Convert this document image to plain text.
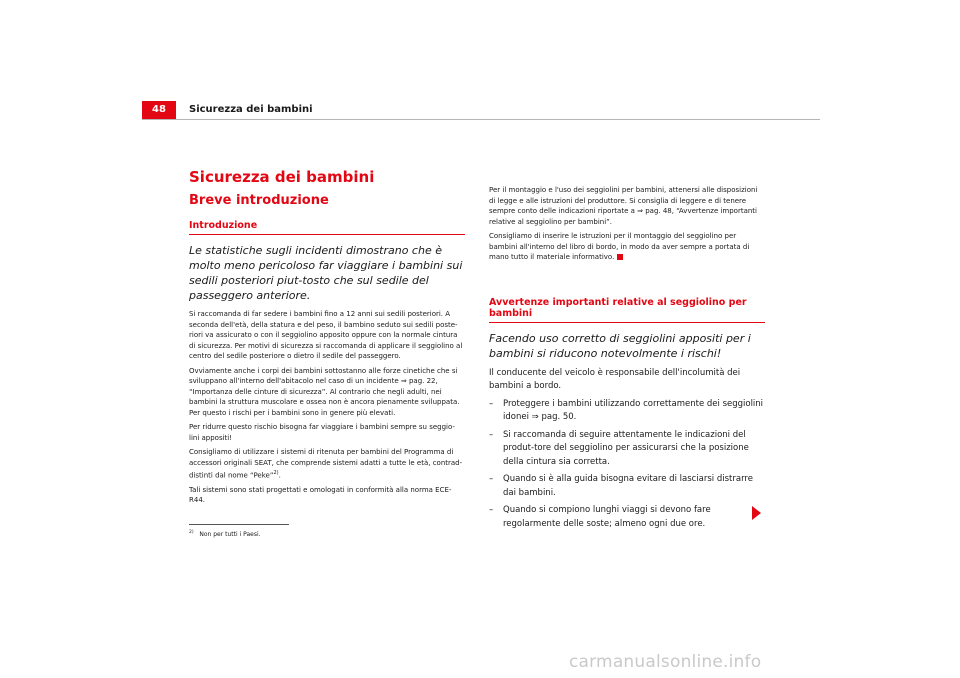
48	Sicurezza dei bambini
Sicurezza dei bambini
Breve introduzione
Introduzione

Le statistiche sugli incidenti dimostrano che è molto meno pericoloso far viaggiare i bambini sui sedili posteriori piut-tosto che sul sedile del passeggero anteriore.

Si raccomanda di far sedere i bambini fino a 12 anni sui sedili posteriori. A seconda dell'età, della statura e del peso, il bambino seduto sui sedili poste-riori va assicurato o con il seggiolino apposito oppure con la normale cintura di sicurezza. Per motivi di sicurezza si raccomanda di applicare il seggiolino al centro del sedile posteriore o dietro il sedile del passeggero.

Ovviamente anche i corpi dei bambini sottostanno alle forze cinetiche che si sviluppano all'interno dell'abitacolo nel caso di un incidente ⇒ pag. 22, “Importanza delle cinture di sicurezza”. Al contrario che negli adulti, nei bambini la struttura muscolare e ossea non è ancora pienamente sviluppata. Per questo i rischi per i bambini sono in genere più elevati.

Per ridurre questo rischio bisogna far viaggiare i bambini sempre su seggio-lini appositi!

Consigliamo di utilizzare i sistemi di ritenuta per bambini del Programma di accessori originali SEAT, che comprende sistemi adatti a tutte le età, contrad-distinti dal nome “Peke”$^{2)}$.

Tali sistemi sono stati progettati e omologati in conformità alla norma ECE-R44.

$^{2)}$ Non per tutti i Paesi.

Per il montaggio e l'uso dei seggiolini per bambini, attenersi alle disposizioni di legge e alle istruzioni del produttore. Si consiglia di leggere e di tenere sempre conto delle indicazioni riportate a ⇒ pag. 48, “Avvertenze importanti relative al seggiolino per bambini”.

Consigliamo di inserire le istruzioni per il montaggio del seggiolino per bambini all'interno del libro di bordo, in modo da aver sempre a portata di mano tutto il materiale informativo.

Avvertenze importanti relative al seggiolino per bambini

Facendo uso corretto di seggiolini appositi per i bambini si riducono notevolmente i rischi!

Il conducente del veicolo è responsabile dell'incolumità dei bambini a bordo.

– Proteggere i bambini utilizzando correttamente dei seggiolini idonei ⇒ pag. 50.
– Si raccomanda di seguire attentamente le indicazioni del produt-tore del seggiolino per assicurarsi che la posizione della cintura sia corretta.
– Quando si è alla guida bisogna evitare di lasciarsi distrarre dai bambini.
– Quando si compiono lunghi viaggi si devono fare regolarmente delle soste; almeno ogni due ore.
carmanualsonline.info
